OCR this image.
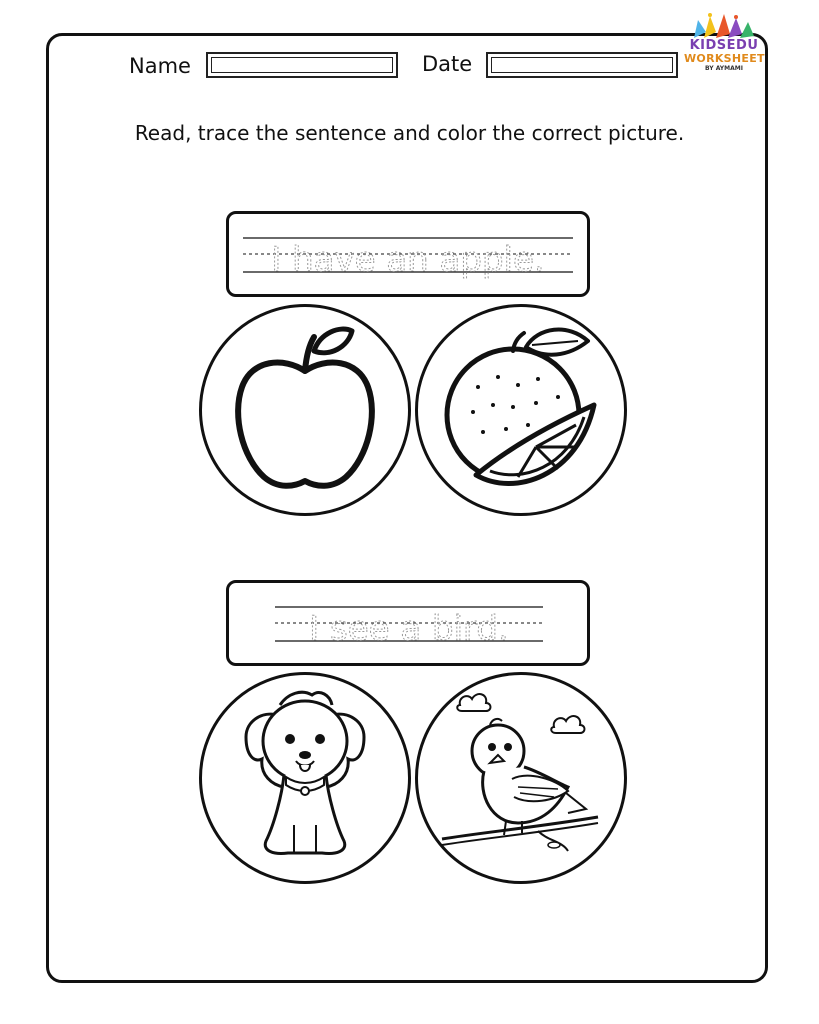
KIDSEDU
WORKSHEET
BY AYMAMI
Name	Date
Read, trace the sentence and color the correct picture.
I have an apple.
I see a bird.
